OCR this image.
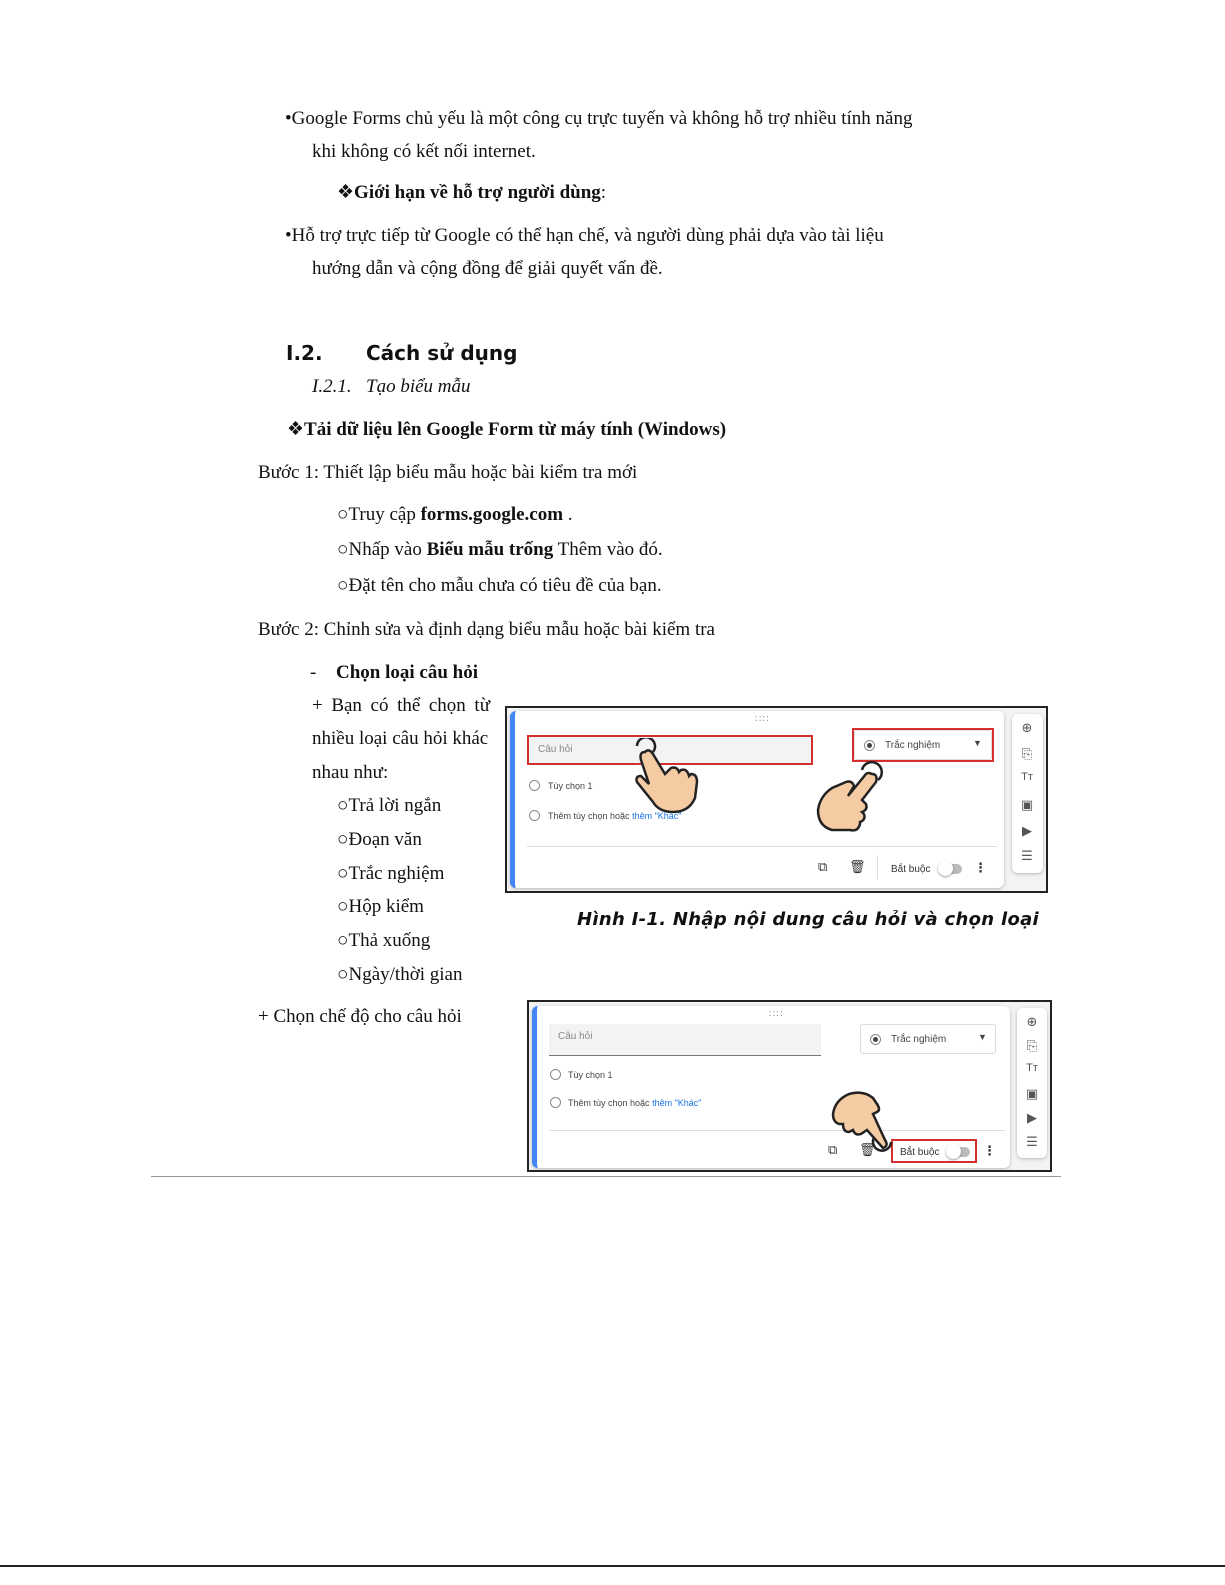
•Google Forms chủ yếu là một công cụ trực tuyến và không hỗ trợ nhiều tính năng
khi không có kết nối internet.
❖Giới hạn về hỗ trợ người dùng:
•Hỗ trợ trực tiếp từ Google có thể hạn chế, và người dùng phải dựa vào tài liệu
hướng dẫn và cộng đồng để giải quyết vấn đề.
I.2. Cách sử dụng
I.2.1. Tạo biểu mẫu
❖Tải dữ liệu lên Google Form từ máy tính (Windows)
Bước 1: Thiết lập biểu mẫu hoặc bài kiểm tra mới
○Truy cập forms.google.com .
○Nhấp vào Biểu mẫu trống Thêm vào đó.
○Đặt tên cho mẫu chưa có tiêu đề của bạn.
Bước 2: Chỉnh sửa và định dạng biểu mẫu hoặc bài kiểm tra
- Chọn loại câu hỏi
+ Bạn có thể chọn từ
nhiều loại câu hỏi khác
nhau như:
○Trả lời ngắn
○Đoạn văn
○Trắc nghiệm
○Hộp kiểm
○Thả xuống
○Ngày/thời gian
+ Chọn chế độ cho câu hỏi
∷∷
Câu hỏi	Trắc nghiệm	▼
Tùy chọn 1
Thêm tùy chọn hoặc thêm "Khác"
⧉ 🗑	Bắt buộc	⋮
⊕
⎘
Tт
▣
▶
☰
Hình I-1. Nhập nội dung câu hỏi và chọn loại
∷∷
Câu hỏi	Trắc nghiệm	▼
Tùy chọn 1
Thêm tùy chọn hoặc thêm "Khác"
⧉ 🗑 Bắt buộc	⋮
⊕
⎘
Tт
▣
▶
☰
